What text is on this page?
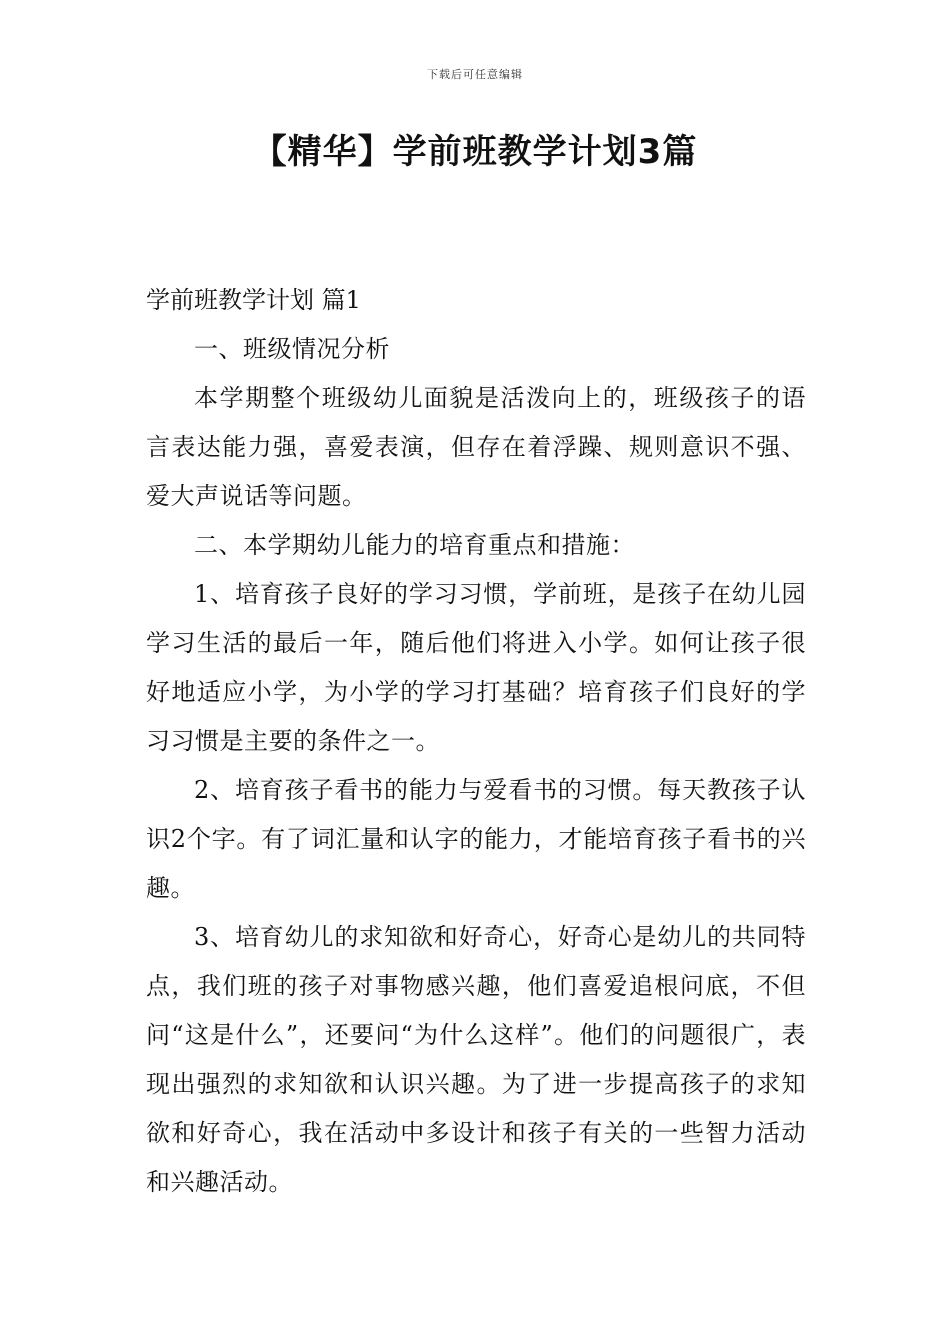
下载后可任意编辑
【精华】学前班教学计划3篇

学前班教学计划 篇1

一、班级情况分析

本学期整个班级幼儿面貌是活泼向上的，班级孩子的语言表达能力强，喜爱表演，但存在着浮躁、规则意识不强、爱大声说话等问题。

二、本学期幼儿能力的培育重点和措施：

1、培育孩子良好的学习习惯，学前班，是孩子在幼儿园学习生活的最后一年，随后他们将进入小学。如何让孩子很好地适应小学，为小学的学习打基础？培育孩子们良好的学习习惯是主要的条件之一。

2、培育孩子看书的能力与爱看书的习惯。每天教孩子认识2个字。有了词汇量和认字的能力，才能培育孩子看书的兴趣。

3、培育幼儿的求知欲和好奇心，好奇心是幼儿的共同特点，我们班的孩子对事物感兴趣，他们喜爱追根问底，不但问“这是什么”，还要问“为什么这样”。他们的问题很广，表现出强烈的求知欲和认识兴趣。为了进一步提高孩子的求知欲和好奇心，我在活动中多设计和孩子有关的一些智力活动和兴趣活动。
